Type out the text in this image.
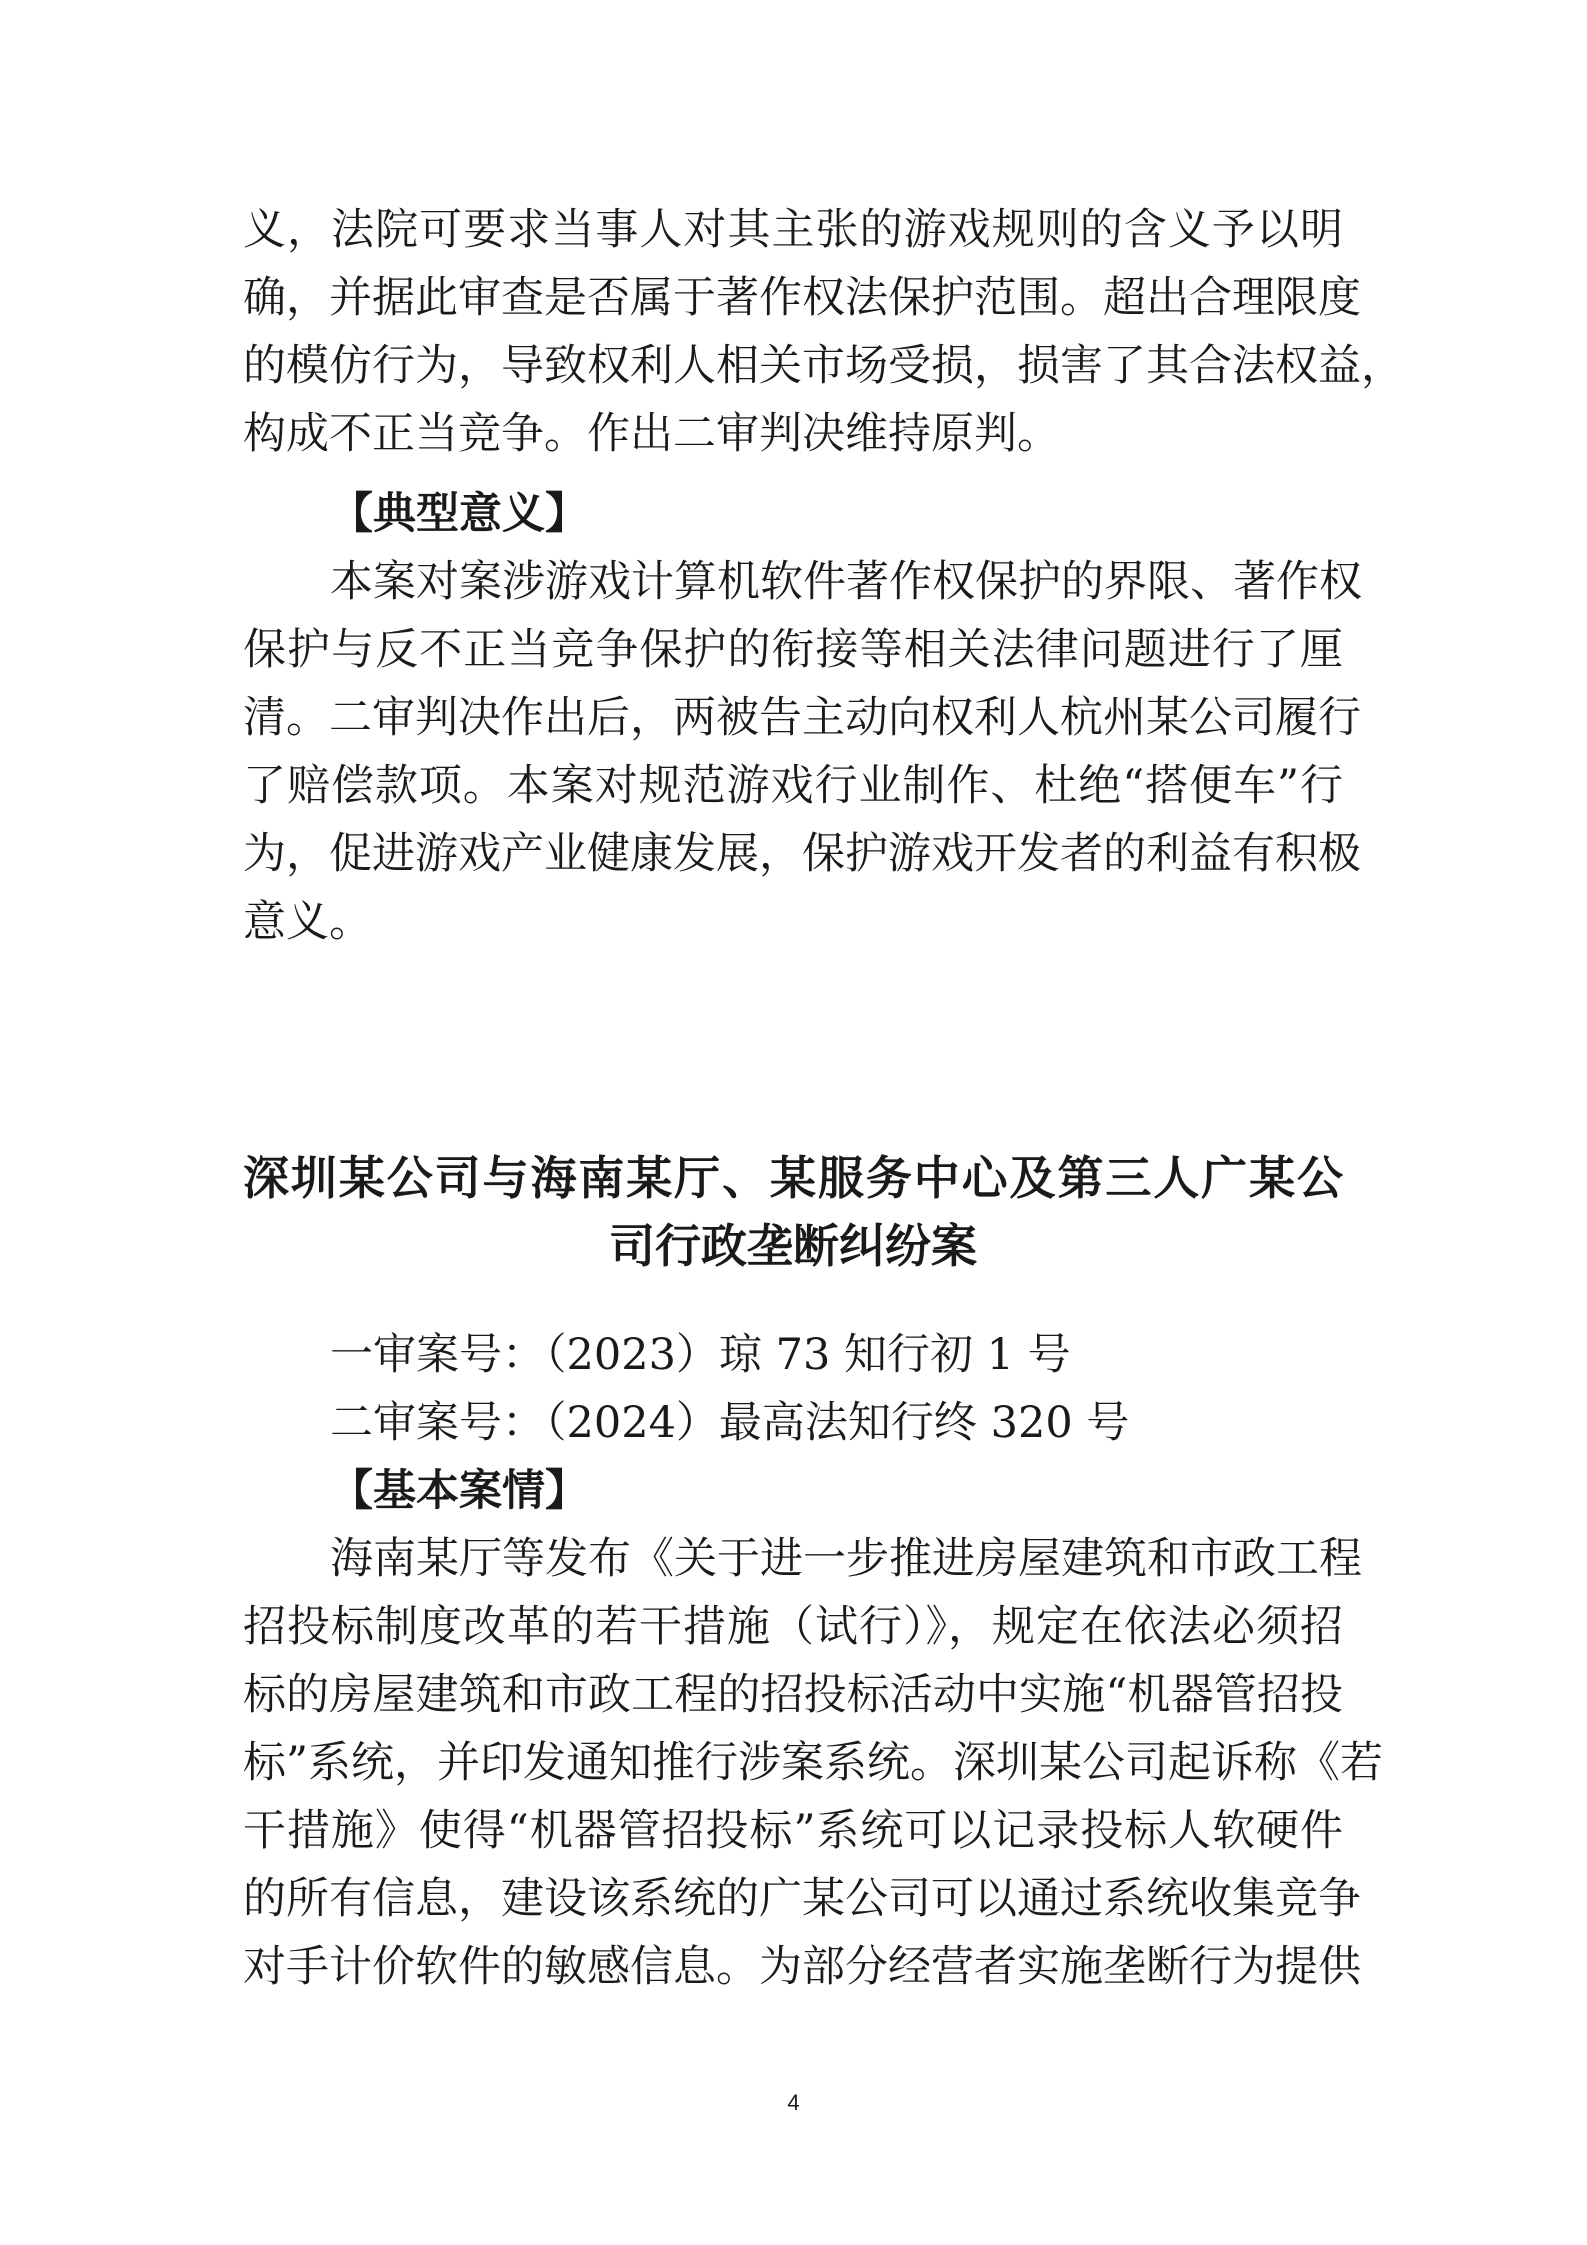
义，法院可要求当事人对其主张的游戏规则的含义予以明
确，并据此审查是否属于著作权法保护范围。超出合理限度
的模仿行为，导致权利人相关市场受损，损害了其合法权益，
构成不正当竞争。作出二审判决维持原判。
【典型意义】
本案对案涉游戏计算机软件著作权保护的界限、著作权
保护与反不正当竞争保护的衔接等相关法律问题进行了厘
清。二审判决作出后，两被告主动向权利人杭州某公司履行
了赔偿款项。本案对规范游戏行业制作、杜绝“搭便车”行
为，促进游戏产业健康发展，保护游戏开发者的利益有积极
意义。
深圳某公司与海南某厅、某服务中心及第三人广某公
司行政垄断纠纷案
一审案号：（2023）琼 73 知行初 1 号
二审案号：（2024）最高法知行终 320 号
【基本案情】
海南某厅等发布《关于进一步推进房屋建筑和市政工程
招投标制度改革的若干措施（试行）》，规定在依法必须招
标的房屋建筑和市政工程的招投标活动中实施“机器管招投
标”系统，并印发通知推行涉案系统。深圳某公司起诉称《若
干措施》使得“机器管招投标”系统可以记录投标人软硬件
的所有信息，建设该系统的广某公司可以通过系统收集竞争
对手计价软件的敏感信息。为部分经营者实施垄断行为提供
4
